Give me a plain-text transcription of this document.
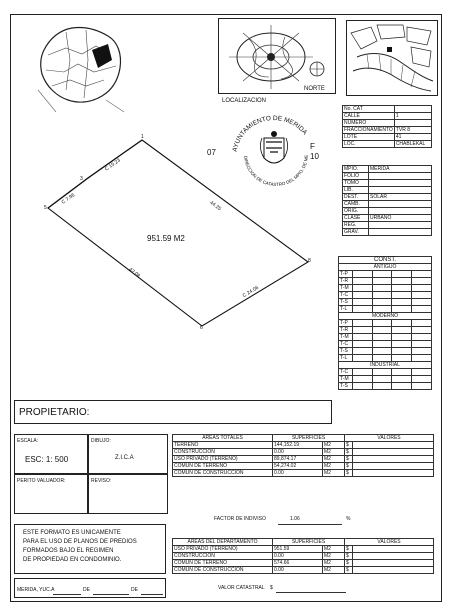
NORTE
LOCALIZACION
AYUNTAMIENTO DE MERIDA
DIRECCION DE CATASTRO DEL MPIO. DE ME
07
F
10
No. CAT	
CALLE	1
NUMERO	
FRACCIONAMIENTO	TVR 8
LOTE	41
LOC.	CHABLEKAL
MPIO.	MERIDA
FOLIO	
TOMO	
LIB.	
DEST.	SOLAR
CAMB.	
ORIG.	
CLASE	URBANO
REG.	
GRAV.	
CONST.				
ANTIGUO				
T-P				
T-R				
T-M				
T-C				
T-S				
T-L				
MODERNO				
T-P				
T-R				
T-M				
T-C				
T-S				
T-L				
INDUSTRIAL				
T-C				
T-M				
T-S				
951.59 M2
1
3
5
6
8
C 15.23
C 7.96
44.25
42.08
C 24.06
PROPIETARIO:
ESCALA:
ESC: 1: 500
DIBUJO:
Z.I.C.A
PERITO VALUADOR:	REVISO:
AREAS TOTALES	SUPERFICIES		VALORES	
TERRENO	144,152.19	M2	$	
CONSTRUCCION	0.00	M2	$	
USO PRIVADO (TERRENO)	89,874.17	M2	$	
COMUN DE TERRENO	54,274.02	M2	$	
COMUN DE CONSTRUCCION	0.00	M2	$	
FACTOR DE INDIVISO	1.06	%
ESTE FORMATO ES UNICAMENTE
PARA EL USO DE PLANOS DE PREDIOS
FORMADOS BAJO EL REGIMEN
DE PROPIEDAD EN CONDOMINIO.
AREAS DEL DEPARTAMENTO	SUPERFICIES		VALORES	
USO PRIVADO (TERRENO)	951.59	M2	$	
CONSTRUCCION	0.00	M2	$	
COMUN DE TERRENO	574.66	M2	$	
COMUN DE CONSTRUCCION	0.00	M2	$	
VALOR CATASTRAL $
MERIDA, YUC.A	DE	DE
